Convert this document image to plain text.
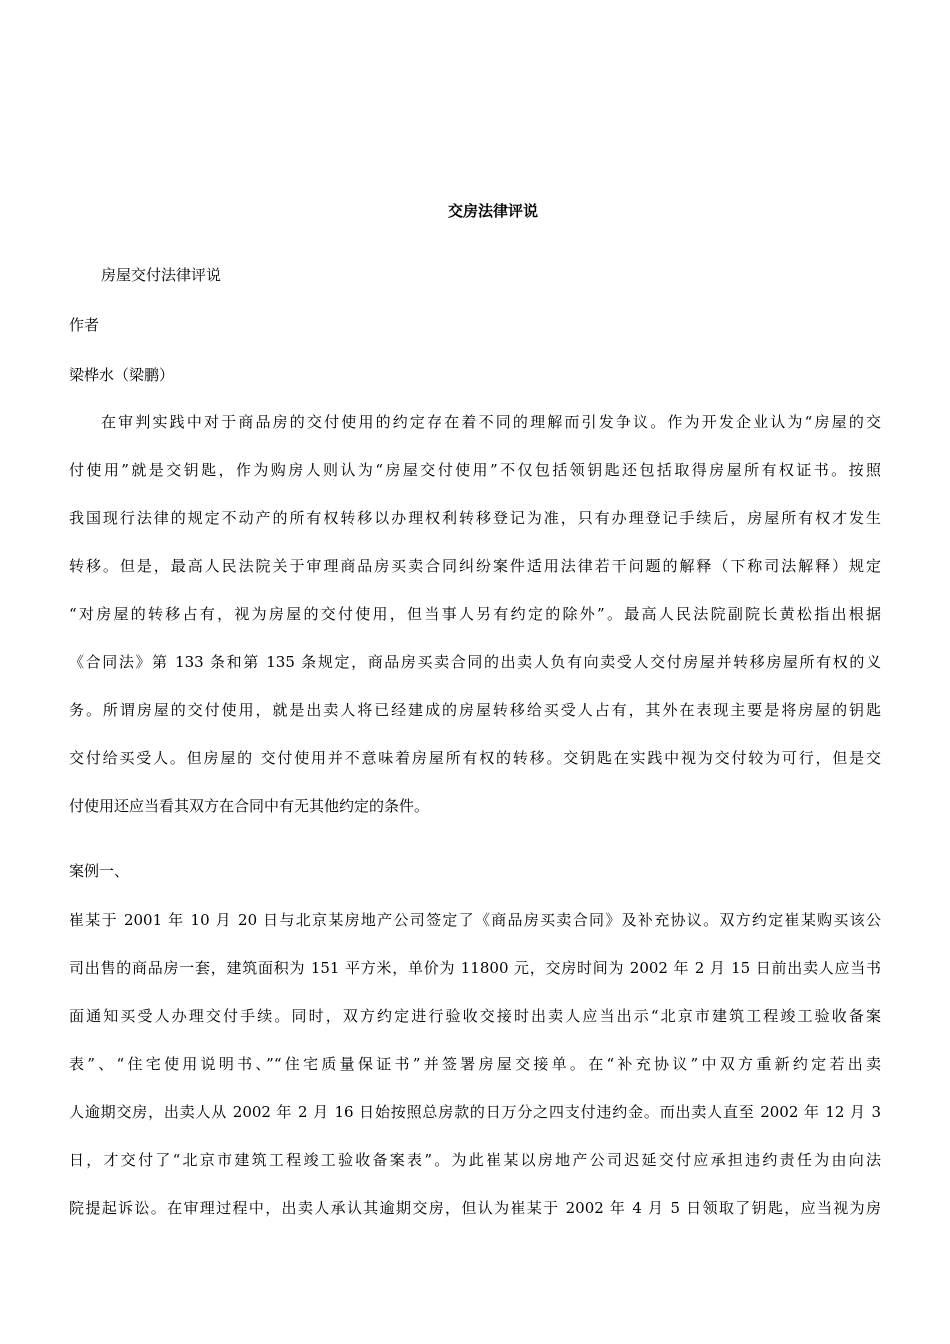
交房法律评说
房屋交付法律评说
作者
梁桦水（梁鹏）
在审判实践中对于商品房的交付使用的约定存在着不同的理解而引发争议。作为开发企业认为“房屋的交
付使用”就是交钥匙，作为购房人则认为“房屋交付使用”不仅包括领钥匙还包括取得房屋所有权证书。按照
我国现行法律的规定不动产的所有权转移以办理权利转移登记为准，只有办理登记手续后，房屋所有权才发生
转移。但是，最高人民法院关于审理商品房买卖合同纠纷案件适用法律若干问题的解释（下称司法解释）规定
“对房屋的转移占有，视为房屋的交付使用，但当事人另有约定的除外”。最高人民法院副院长黄松指出根据
《合同法》第 133 条和第 135 条规定，商品房买卖合同的出卖人负有向卖受人交付房屋并转移房屋所有权的义
务。所谓房屋的交付使用，就是出卖人将已经建成的房屋转移给买受人占有，其外在表现主要是将房屋的钥匙
交付给买受人。但房屋的 交付使用并不意味着房屋所有权的转移。交钥匙在实践中视为交付较为可行，但是交
付使用还应当看其双方在合同中有无其他约定的条件。
案例一、
崔某于 2001 年 10 月 20 日与北京某房地产公司签定了《商品房买卖合同》及补充协议。双方约定崔某购买该公
司出售的商品房一套，建筑面积为 151 平方米，单价为 11800 元，交房时间为 2002 年 2 月 15 日前出卖人应当书
面通知买受人办理交付手续。同时，双方约定进行验收交接时出卖人应当出示“北京市建筑工程竣工验收备案
表”、“住宅使用说明书、”“住宅质量保证书”并签署房屋交接单。在“补充协议”中双方重新约定若出卖
人逾期交房，出卖人从 2002 年 2 月 16 日始按照总房款的日万分之四支付违约金。而出卖人直至 2002 年 12 月 3
日，才交付了“北京市建筑工程竣工验收备案表”。为此崔某以房地产公司迟延交付应承担违约责任为由向法
院提起诉讼。在审理过程中，出卖人承认其逾期交房，但认为崔某于 2002 年 4 月 5 日领取了钥匙，应当视为房
